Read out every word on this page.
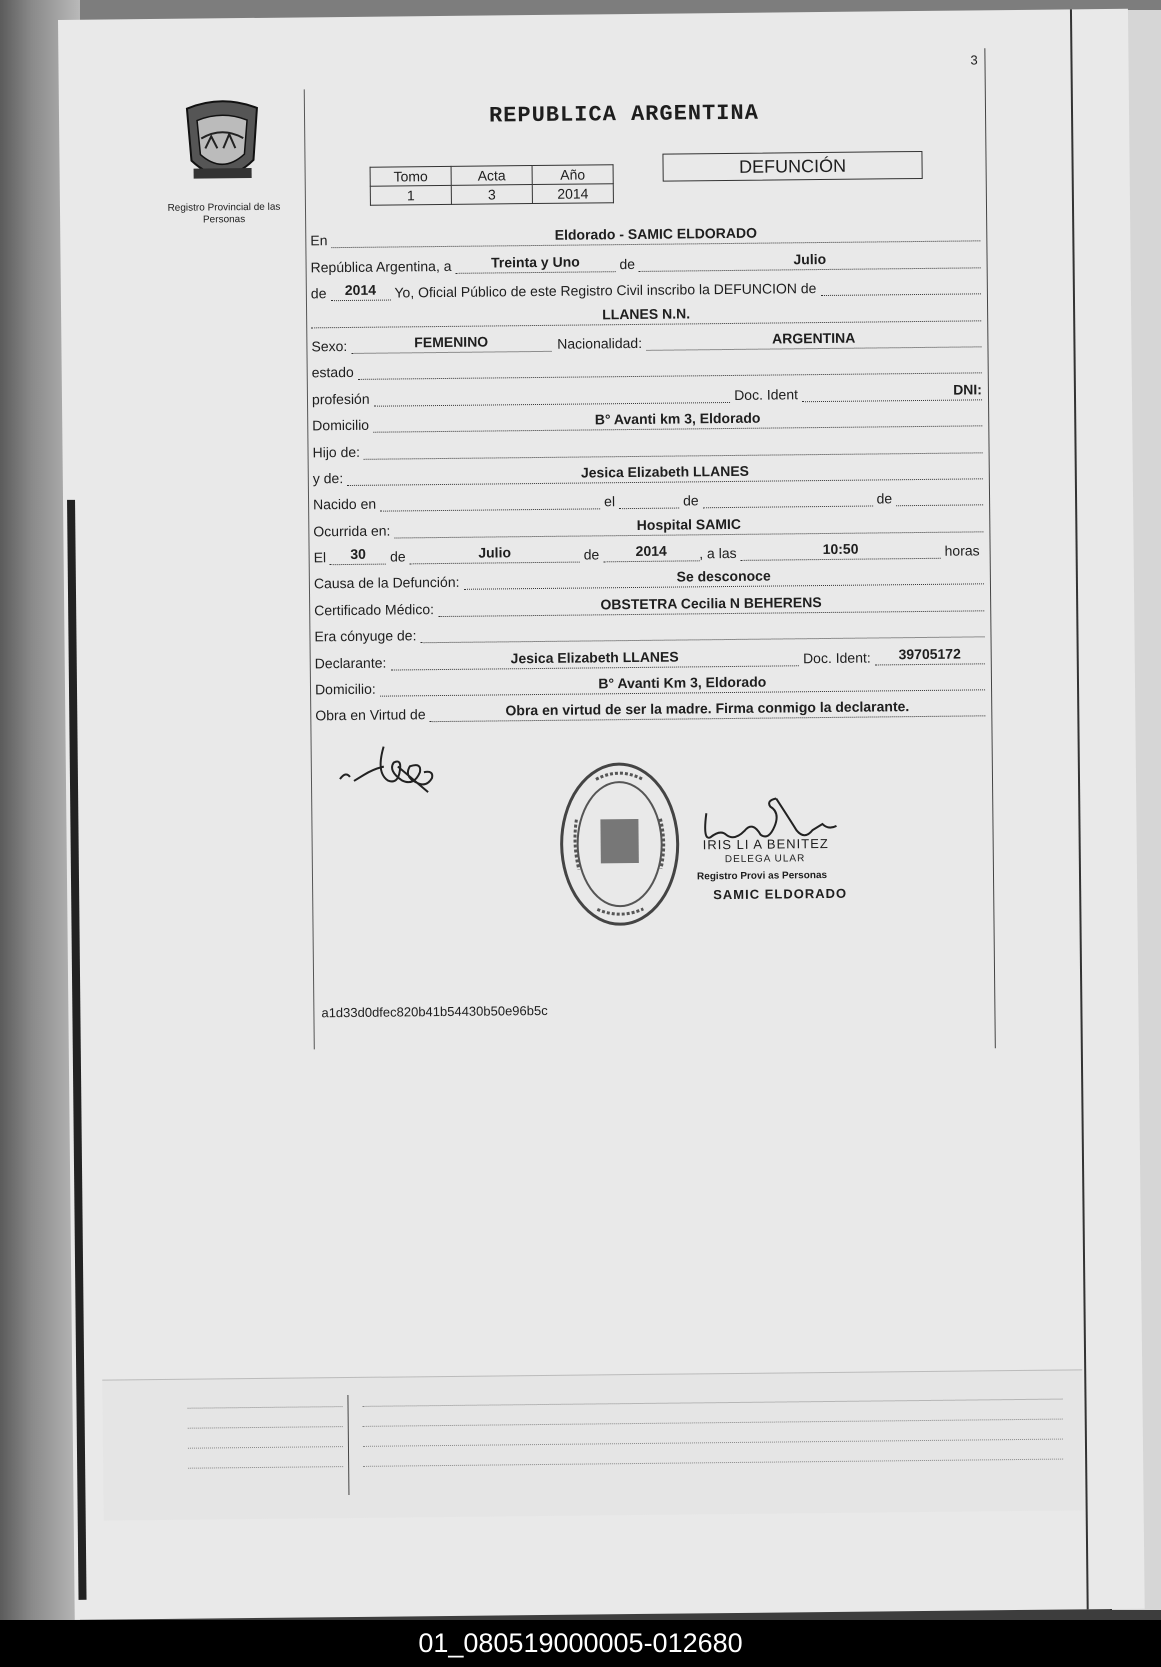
3
Registro Provincial de las Personas
REPUBLICA ARGENTINA
Tomo	Acta	Año
1	3	2014
DEFUNCIÓN
En	Eldorado - SAMIC ELDORADO
República Argentina, a	Treinta y Uno	de	Julio
de	2014	Yo, Oficial Público de este Registro Civil inscribo la DEFUNCION de
LLANES N.N.
Sexo:	FEMENINO	Nacionalidad:	ARGENTINA
estado
profesión	Doc. Ident	DNI:
Domicilio	B° Avanti km 3, Eldorado
Hijo de:
y de:	Jesica Elizabeth LLANES
Nacido en	el	de	de
Ocurrida en:	Hospital SAMIC
El	30	de	Julio	de	2014	, a las	10:50	horas
Causa de la Defunción:	Se desconoce
Certificado Médico:	OBSTETRA Cecilia N BEHERENS
Era cónyuge de:
Declarante:	Jesica Elizabeth LLANES	Doc. Ident:	39705172
Domicilio:	B° Avanti Km 3, Eldorado
Obra en Virtud de	Obra en virtud de ser la madre. Firma conmigo la declarante.
IRIS LI A BENITEZ
DELEGA ULAR
Registro Provi as Personas
SAMIC ELDORADO
a1d33d0dfec820b41b54430b50e96b5c
01_080519000005-012680
